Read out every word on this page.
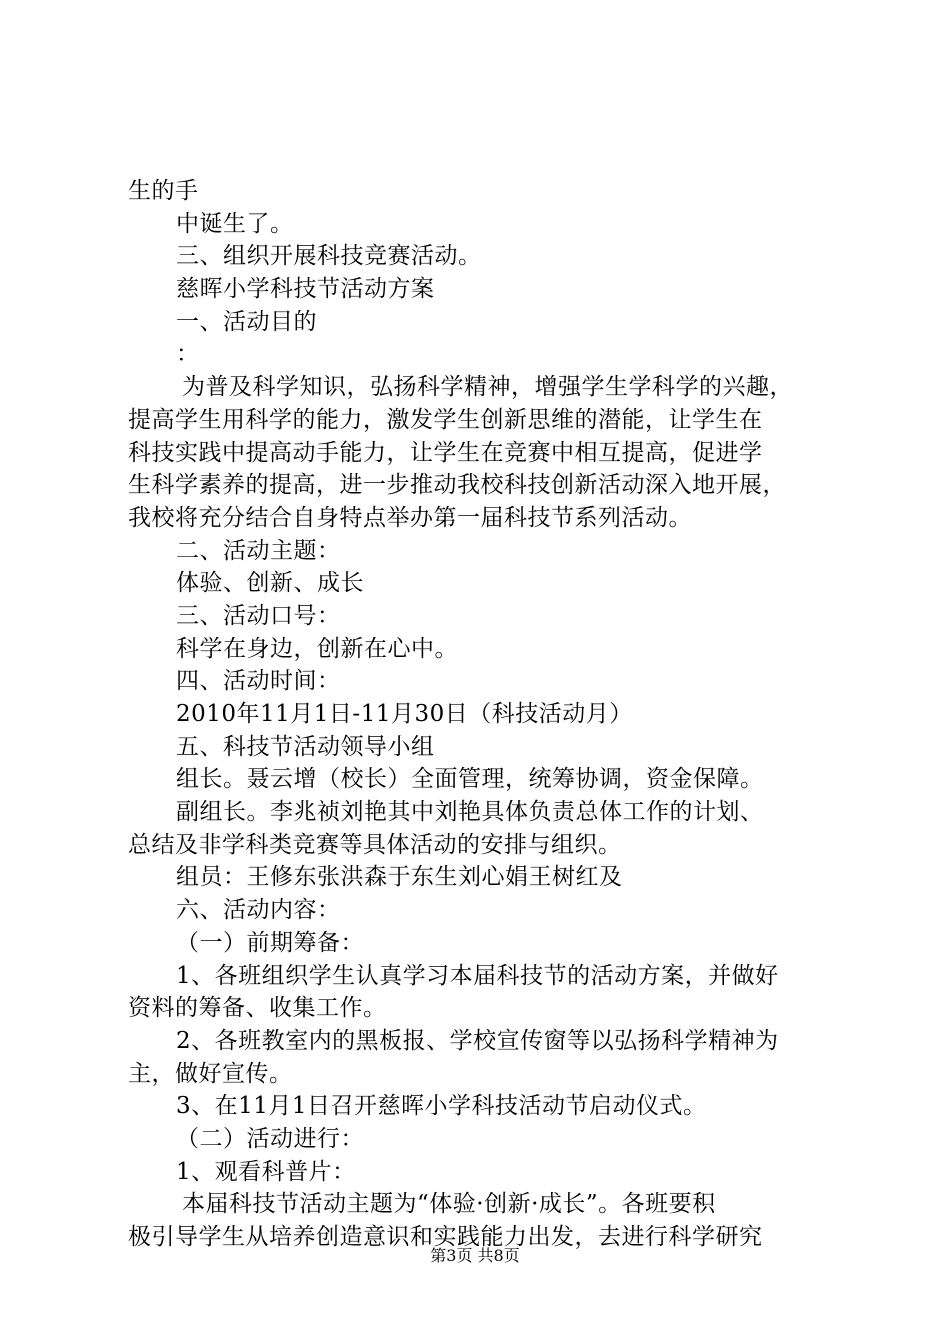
生的手
中诞生了。
三、组织开展科技竞赛活动。
慈晖小学科技节活动方案
一、活动目的
：
为普及科学知识，弘扬科学精神，增强学生学科学的兴趣，
提高学生用科学的能力，激发学生创新思维的潜能，让学生在
科技实践中提高动手能力，让学生在竞赛中相互提高，促进学
生科学素养的提高，进一步推动我校科技创新活动深入地开展，
我校将充分结合自身特点举办第一届科技节系列活动。
二、活动主题：
体验、创新、成长
三、活动口号：
科学在身边，创新在心中。
四、活动时间：
2010年11月1日-11月30日（科技活动月）
五、科技节活动领导小组
组长。聂云增（校长）全面管理，统筹协调，资金保障。
副组长。李兆祯刘艳其中刘艳具体负责总体工作的计划、
总结及非学科类竞赛等具体活动的安排与组织。
组员：王修东张洪森于东生刘心娟王树红及
六、活动内容：
（一）前期筹备：
1、各班组织学生认真学习本届科技节的活动方案，并做好
资料的筹备、收集工作。
2、各班教室内的黑板报、学校宣传窗等以弘扬科学精神为
主，做好宣传。
3、在11月1日召开慈晖小学科技活动节启动仪式。
（二）活动进行：
1、观看科普片：
本届科技节活动主题为“体验·创新·成长”。各班要积
极引导学生从培养创造意识和实践能力出发，去进行科学研究
第3页 共8页
